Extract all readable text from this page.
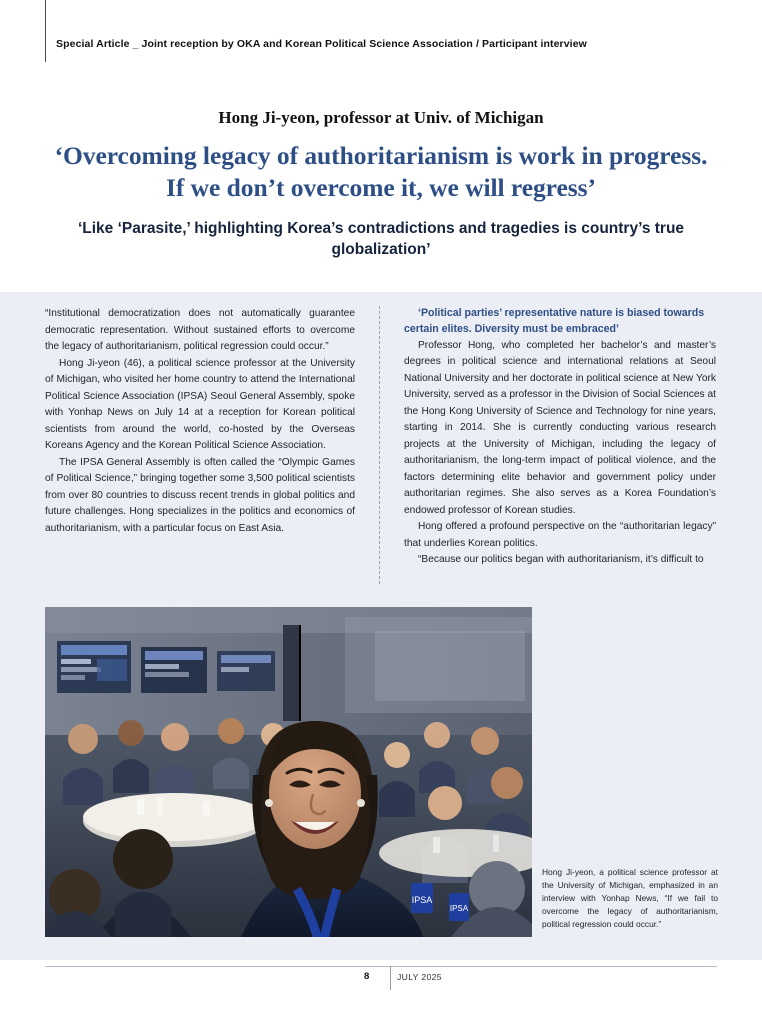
Special Article _ Joint reception by OKA and Korean Political Science Association / Participant interview
Hong Ji-yeon, professor at Univ. of Michigan
‘Overcoming legacy of authoritarianism is work in progress. If we don’t overcome it, we will regress’
‘Like ‘Parasite,’ highlighting Korea’s contradictions and tragedies is country’s true globalization’

“Institutional democratization does not automatically guarantee democratic representation. Without sustained efforts to overcome the legacy of authoritarianism, political regression could occur.”

Hong Ji-yeon (46), a political science professor at the University of Michigan, who visited her home country to attend the International Political Science Association (IPSA) Seoul General Assembly, spoke with Yonhap News on July 14 at a reception for Korean political scientists from around the world, co-hosted by the Overseas Koreans Agency and the Korean Political Science Association.

The IPSA General Assembly is often called the “Olympic Games of Political Science,” bringing together some 3,500 political scientists from over 80 countries to discuss recent trends in global politics and future challenges. Hong specializes in the politics and economics of authoritarianism, with a particular focus on East Asia.

‘Political parties’ representative nature is biased towards certain elites. Diversity must be embraced’

Professor Hong, who completed her bachelor’s and master’s degrees in political science and international relations at Seoul National University and her doctorate in political science at New York University, served as a professor in the Division of Social Sciences at the Hong Kong University of Science and Technology for nine years, starting in 2014. She is currently conducting various research projects at the University of Michigan, including the legacy of authoritarianism, the long-term impact of political violence, and the factors determining elite behavior and government policy under authoritarian regimes. She also serves as a Korea Foundation’s endowed professor of Korean studies.

Hong offered a profound perspective on the “authoritarian legacy” that underlies Korean politics.

“Because our politics began with authoritarianism, it’s difficult to

IPSA
IPSA
Hong Ji-yeon, a political science professor at the University of Michigan, emphasized in an interview with Yonhap News, “If we fail to overcome the legacy of authoritarianism, political regression could occur.”
8	JULY 2025
